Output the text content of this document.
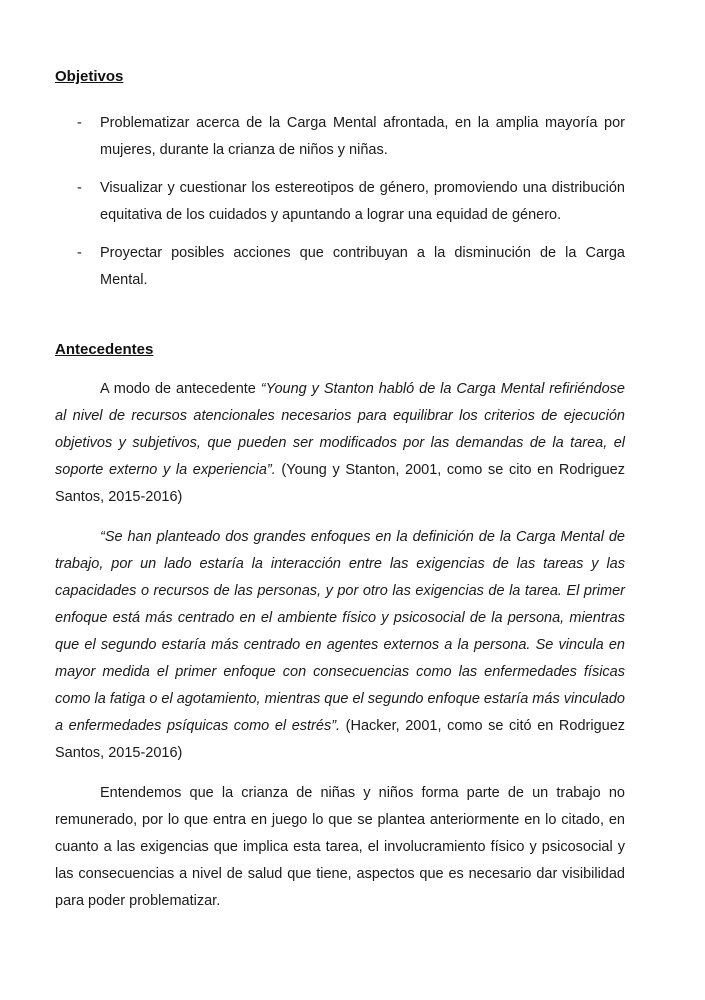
Objetivos
-	Problematizar acerca de la Carga Mental afrontada, en la amplia mayoría por mujeres, durante la crianza de niños y niñas.
-	Visualizar y cuestionar los estereotipos de género, promoviendo una distribución equitativa de los cuidados y apuntando a lograr una equidad de género.
-	Proyectar posibles acciones que contribuyan a la disminución de la Carga Mental.
Antecedentes

A modo de antecedente “Young y Stanton habló de la Carga Mental refiriéndose al nivel de recursos atencionales necesarios para equilibrar los criterios de ejecución objetivos y subjetivos, que pueden ser modificados por las demandas de la tarea, el soporte externo y la experiencia”. (Young y Stanton, 2001, como se cito en Rodriguez Santos, 2015-2016)

“Se han planteado dos grandes enfoques en la definición de la Carga Mental de trabajo, por un lado estaría la interacción entre las exigencias de las tareas y las capacidades o recursos de las personas, y por otro las exigencias de la tarea. El primer enfoque está más centrado en el ambiente físico y psicosocial de la persona, mientras que el segundo estaría más centrado en agentes externos a la persona. Se vincula en mayor medida el primer enfoque con consecuencias como las enfermedades físicas como la fatiga o el agotamiento, mientras que el segundo enfoque estaría más vinculado a enfermedades psíquicas como el estrés”. (Hacker, 2001, como se citó en Rodriguez Santos, 2015-2016)

Entendemos que la crianza de niñas y niños forma parte de un trabajo no remunerado, por lo que entra en juego lo que se plantea anteriormente en lo citado, en cuanto a las exigencias que implica esta tarea, el involucramiento físico y psicosocial y las consecuencias a nivel de salud que tiene, aspectos que es necesario dar visibilidad para poder problematizar.
